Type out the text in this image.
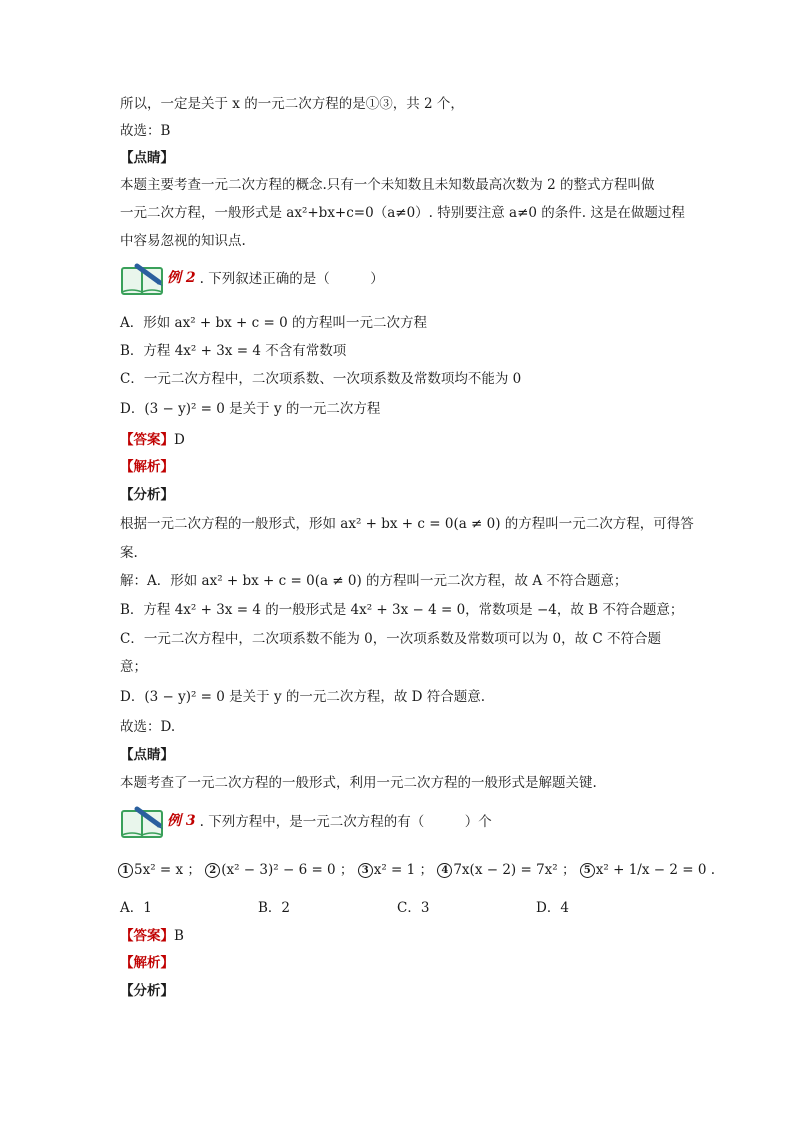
所以，一定是关于 x 的一元二次方程的是①③，共 2 个，
故选：B
【点睛】
本题主要考查一元二次方程的概念.只有一个未知数且未知数最高次数为 2 的整式方程叫做
一元二次方程，一般形式是 ax²+bx+c=0（a≠0）. 特别要注意 a≠0 的条件. 这是在做题过程
中容易忽视的知识点.
例 2 . 下列叙述正确的是（　　　）
A．形如 ax² + bx + c = 0 的方程叫一元二次方程
B．方程 4x² + 3x = 4 不含有常数项
C．一元二次方程中，二次项系数、一次项系数及常数项均不能为 0
D．(3 − y)² = 0 是关于 y 的一元二次方程
【答案】D
【解析】
【分析】
根据一元二次方程的一般形式，形如 ax² + bx + c = 0(a ≠ 0) 的方程叫一元二次方程，可得答
案.
解：A．形如 ax² + bx + c = 0(a ≠ 0) 的方程叫一元二次方程，故 A 不符合题意；
B．方程 4x² + 3x = 4 的一般形式是 4x² + 3x − 4 = 0，常数项是 −4，故 B 不符合题意；
C．一元二次方程中，二次项系数不能为 0，一次项系数及常数项可以为 0，故 C 不符合题
意；
D．(3 − y)² = 0 是关于 y 的一元二次方程，故 D 符合题意.
故选：D.
【点睛】
本题考查了一元二次方程的一般形式，利用一元二次方程的一般形式是解题关键.
例 3 . 下列方程中，是一元二次方程的有（　　　）个
1 5x² = x ； 2 (x² − 3)² − 6 = 0 ； 3 x² = 1 ； 4 7x(x − 2) = 7x² ； 5 x² + 1/x − 2 = 0 .
A．1	B．2	C．3	D．4
【答案】B
【解析】
【分析】
